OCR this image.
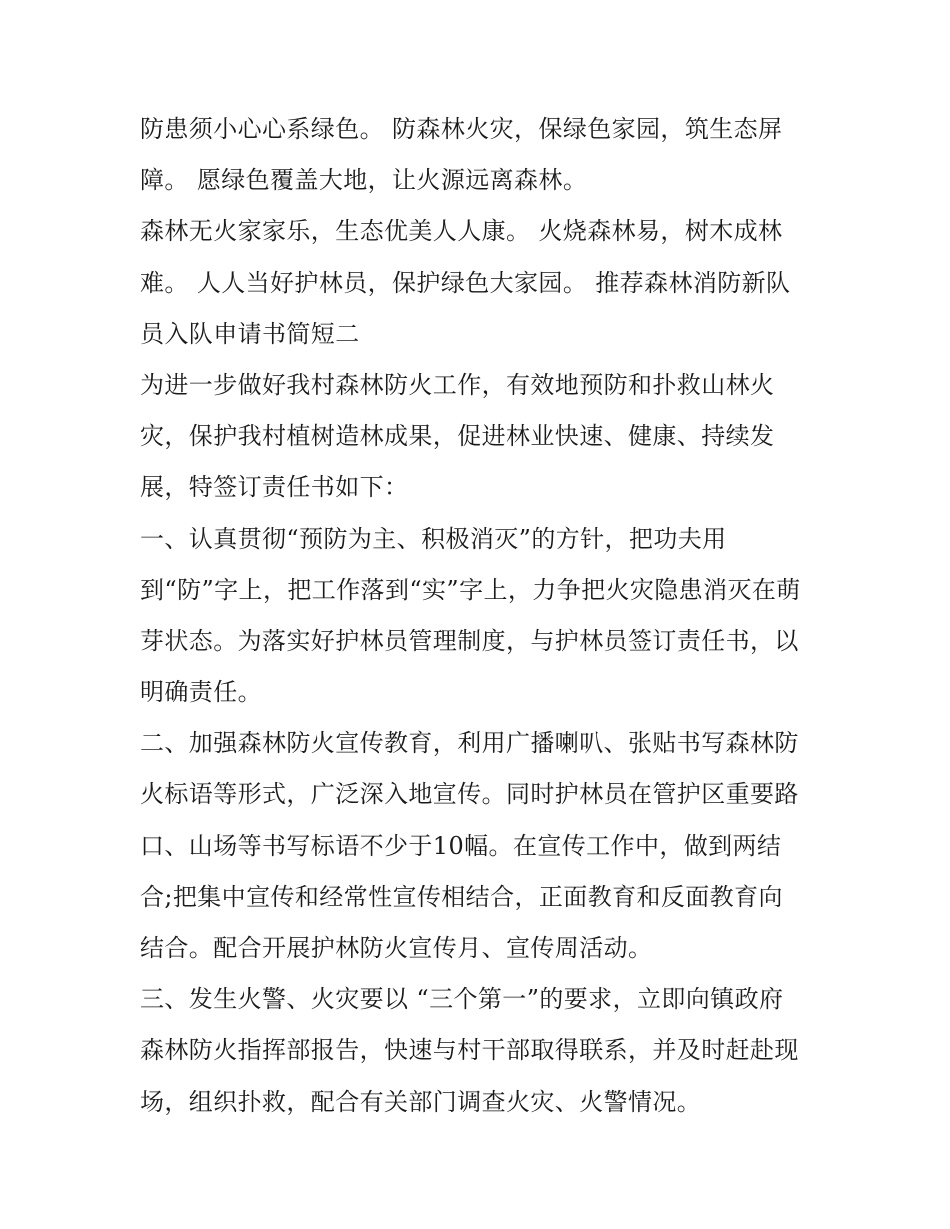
防患须小心心系绿色。 防森林火灾，保绿色家园，筑生态屏
障。 愿绿色覆盖大地，让火源远离森林。
森林无火家家乐，生态优美人人康。 火烧森林易，树木成林
难。 人人当好护林员，保护绿色大家园。 推荐森林消防新队
员入队申请书简短二
为进一步做好我村森林防火工作，有效地预防和扑救山林火
灾，保护我村植树造林成果，促进林业快速、健康、持续发
展，特签订责任书如下：
一、认真贯彻“预防为主、积极消灭”的方针，把功夫用
到“防”字上，把工作落到“实”字上，力争把火灾隐患消灭在萌
芽状态。为落实好护林员管理制度，与护林员签订责任书，以
明确责任。
二、加强森林防火宣传教育，利用广播喇叭、张贴书写森林防
火标语等形式，广泛深入地宣传。同时护林员在管护区重要路
口、山场等书写标语不少于10幅。在宣传工作中，做到两结
合;把集中宣传和经常性宣传相结合，正面教育和反面教育向
结合。配合开展护林防火宣传月、宣传周活动。
三、发生火警、火灾要以 “三个第一”的要求，立即向镇政府
森林防火指挥部报告，快速与村干部取得联系，并及时赶赴现
场，组织扑救，配合有关部门调查火灾、火警情况。
